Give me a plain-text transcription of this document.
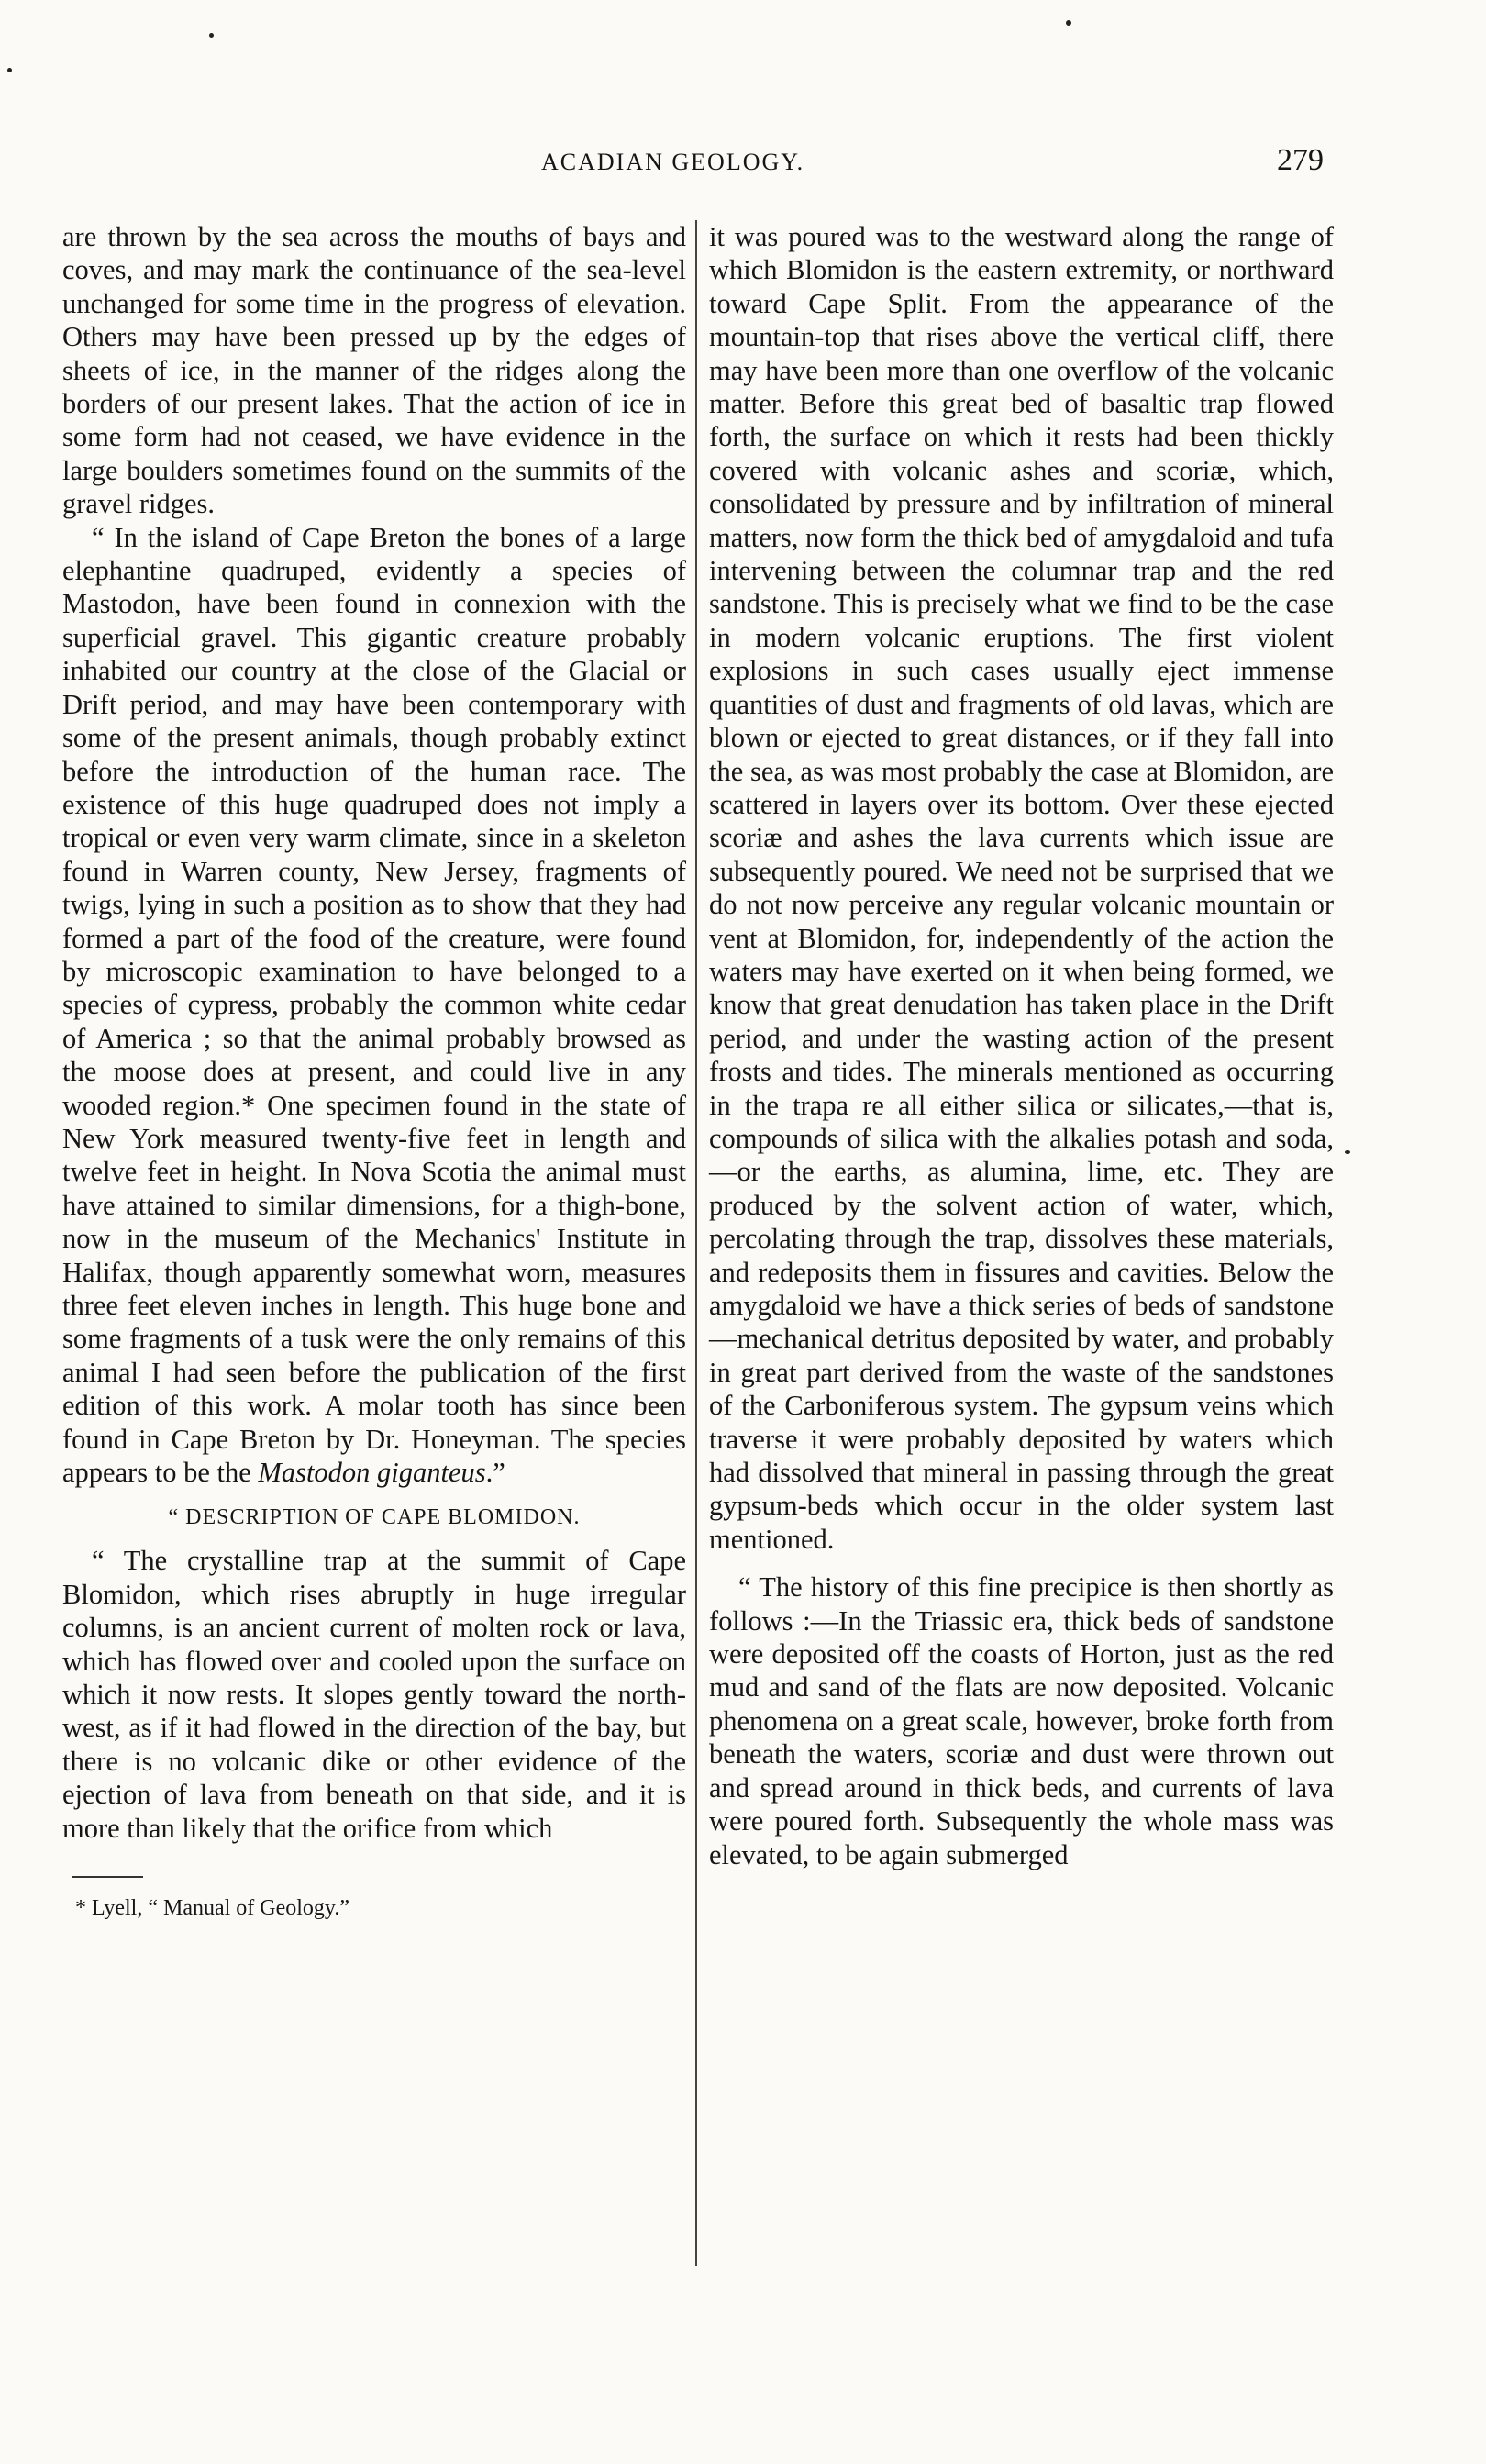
ACADIAN GEOLOGY.	279

are thrown by the sea across the mouths of bays and coves, and may mark the continuance of the sea-level unchanged for some time in the progress of elevation. Others may have been pressed up by the edges of sheets of ice, in the manner of the ridges along the borders of our present lakes. That the action of ice in some form had not ceased, we have evidence in the large boulders sometimes found on the summits of the gravel ridges.

“ In the island of Cape Breton the bones of a large elephantine quadruped, evidently a species of Mastodon, have been found in connexion with the superficial gravel. This gigantic creature probably inhabited our country at the close of the Glacial or Drift period, and may have been contemporary with some of the present animals, though probably extinct before the introduction of the human race. The existence of this huge quadruped does not imply a tropical or even very warm climate, since in a skeleton found in Warren county, New Jersey, fragments of twigs, lying in such a position as to show that they had formed a part of the food of the creature, were found by microscopic examination to have belonged to a species of cypress, probably the common white cedar of America ; so that the animal probably browsed as the moose does at present, and could live in any wooded region.* One specimen found in the state of New York measured twenty-five feet in length and twelve feet in height. In Nova Scotia the animal must have attained to similar dimensions, for a thigh-bone, now in the museum of the Mechanics' Institute in Halifax, though apparently somewhat worn, measures three feet eleven inches in length. This huge bone and some fragments of a tusk were the only remains of this animal I had seen before the publication of the first edition of this work. A molar tooth has since been found in Cape Breton by Dr. Honeyman. The species appears to be the Mastodon giganteus.”

“ DESCRIPTION OF CAPE BLOMIDON.

“ The crystalline trap at the summit of Cape Blomidon, which rises abruptly in huge irregular columns, is an ancient current of molten rock or lava, which has flowed over and cooled upon the surface on which it now rests. It slopes gently toward the north-west, as if it had flowed in the direction of the bay, but there is no volcanic dike or other evidence of the ejection of lava from beneath on that side, and it is more than likely that the orifice from which

* Lyell, “ Manual of Geology.”

it was poured was to the westward along the range of which Blomidon is the eastern extremity, or northward toward Cape Split. From the appearance of the mountain-top that rises above the vertical cliff, there may have been more than one overflow of the volcanic matter. Before this great bed of basaltic trap flowed forth, the surface on which it rests had been thickly covered with volcanic ashes and scoriæ, which, consolidated by pressure and by infiltration of mineral matters, now form the thick bed of amygdaloid and tufa intervening between the columnar trap and the red sandstone. This is precisely what we find to be the case in modern volcanic eruptions. The first violent explosions in such cases usually eject immense quantities of dust and fragments of old lavas, which are blown or ejected to great distances, or if they fall into the sea, as was most probably the case at Blomidon, are scattered in layers over its bottom. Over these ejected scoriæ and ashes the lava currents which issue are subsequently poured. We need not be surprised that we do not now perceive any regular volcanic mountain or vent at Blomidon, for, independently of the action the waters may have exerted on it when being formed, we know that great denudation has taken place in the Drift period, and under the wasting action of the present frosts and tides. The minerals mentioned as occurring in the trapa re all either silica or silicates,—that is, compounds of silica with the alkalies potash and soda,—or the earths, as alumina, lime, etc. They are produced by the solvent action of water, which, percolating through the trap, dissolves these materials, and redeposits them in fissures and cavities. Below the amygdaloid we have a thick series of beds of sandstone—mechanical detritus deposited by water, and probably in great part derived from the waste of the sandstones of the Carboniferous system. The gypsum veins which traverse it were probably deposited by waters which had dissolved that mineral in passing through the great gypsum-beds which occur in the older system last mentioned.

“ The history of this fine precipice is then shortly as follows :—In the Triassic era, thick beds of sandstone were deposited off the coasts of Horton, just as the red mud and sand of the flats are now deposited. Volcanic phenomena on a great scale, however, broke forth from beneath the waters, scoriæ and dust were thrown out and spread around in thick beds, and currents of lava were poured forth. Subsequently the whole mass was elevated, to be again submerged
